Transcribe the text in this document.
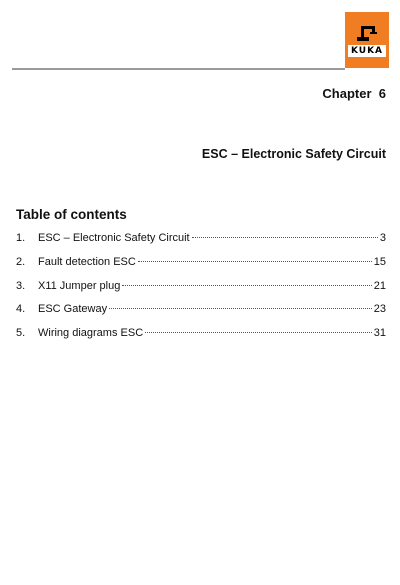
KUKA
Chapter  6
ESC – Electronic Safety Circuit
Table of contents
1.	ESC – Electronic Safety Circuit	3
2.	Fault detection ESC	15
3.	X11 Jumper plug	21
4.	ESC Gateway	23
5.	Wiring diagrams ESC	31
